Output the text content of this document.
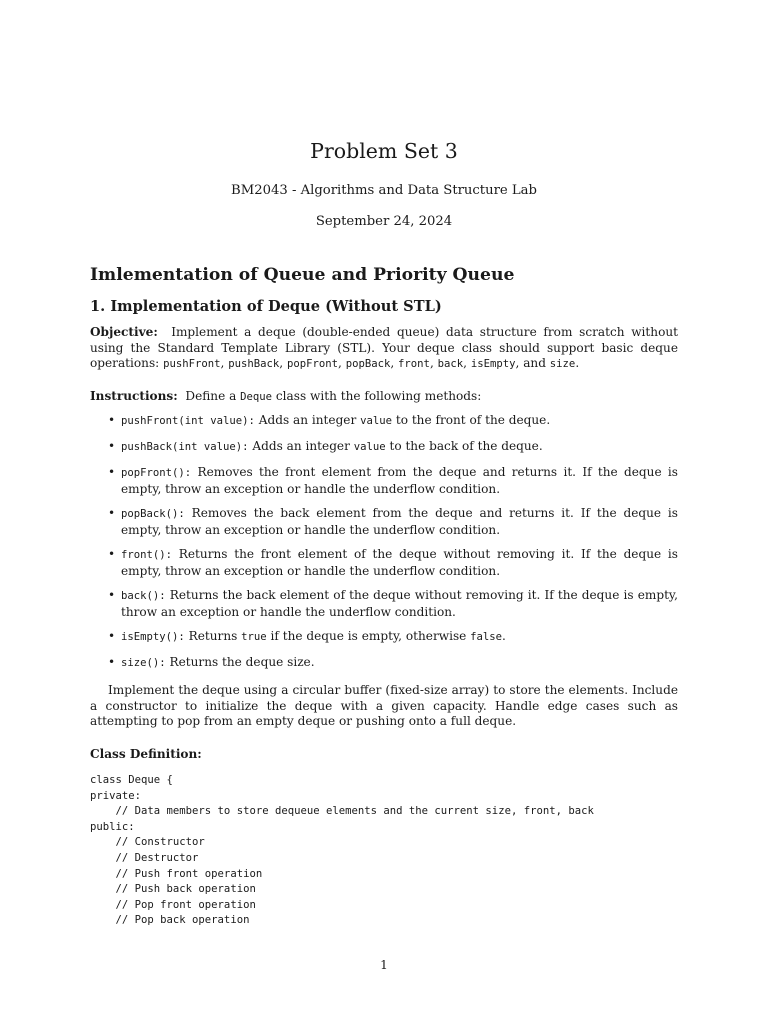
Problem Set 3
BM2043 - Algorithms and Data Structure Lab
September 24, 2024
Imlementation of Queue and Priority Queue
1. Implementation of Deque (Without STL)
Objective: Implement a deque (double-ended queue) data structure from scratch without using the Standard Template Library (STL). Your deque class should support basic deque operations: pushFront, pushBack, popFront, popBack, front, back, isEmpty, and size.
Instructions: Define a Deque class with the following methods:
• pushFront(int value): Adds an integer value to the front of the deque.
• pushBack(int value): Adds an integer value to the back of the deque.
• popFront(): Removes the front element from the deque and returns it. If the deque is empty, throw an exception or handle the underflow condition.
• popBack(): Removes the back element from the deque and returns it. If the deque is empty, throw an exception or handle the underflow condition.
• front(): Returns the front element of the deque without removing it. If the deque is empty, throw an exception or handle the underflow condition.
• back(): Returns the back element of the deque without removing it. If the deque is empty, throw an exception or handle the underflow condition.
• isEmpty(): Returns true if the deque is empty, otherwise false.
• size(): Returns the deque size.
Implement the deque using a circular buffer (fixed-size array) to store the elements. Include a constructor to initialize the deque with a given capacity. Handle edge cases such as attempting to pop from an empty deque or pushing onto a full deque.
Class Definition:
class Deque {
private:
// Data members to store dequeue elements and the current size, front, back
public:
// Constructor
// Destructor
// Push front operation
// Push back operation
// Pop front operation
// Pop back operation
1
